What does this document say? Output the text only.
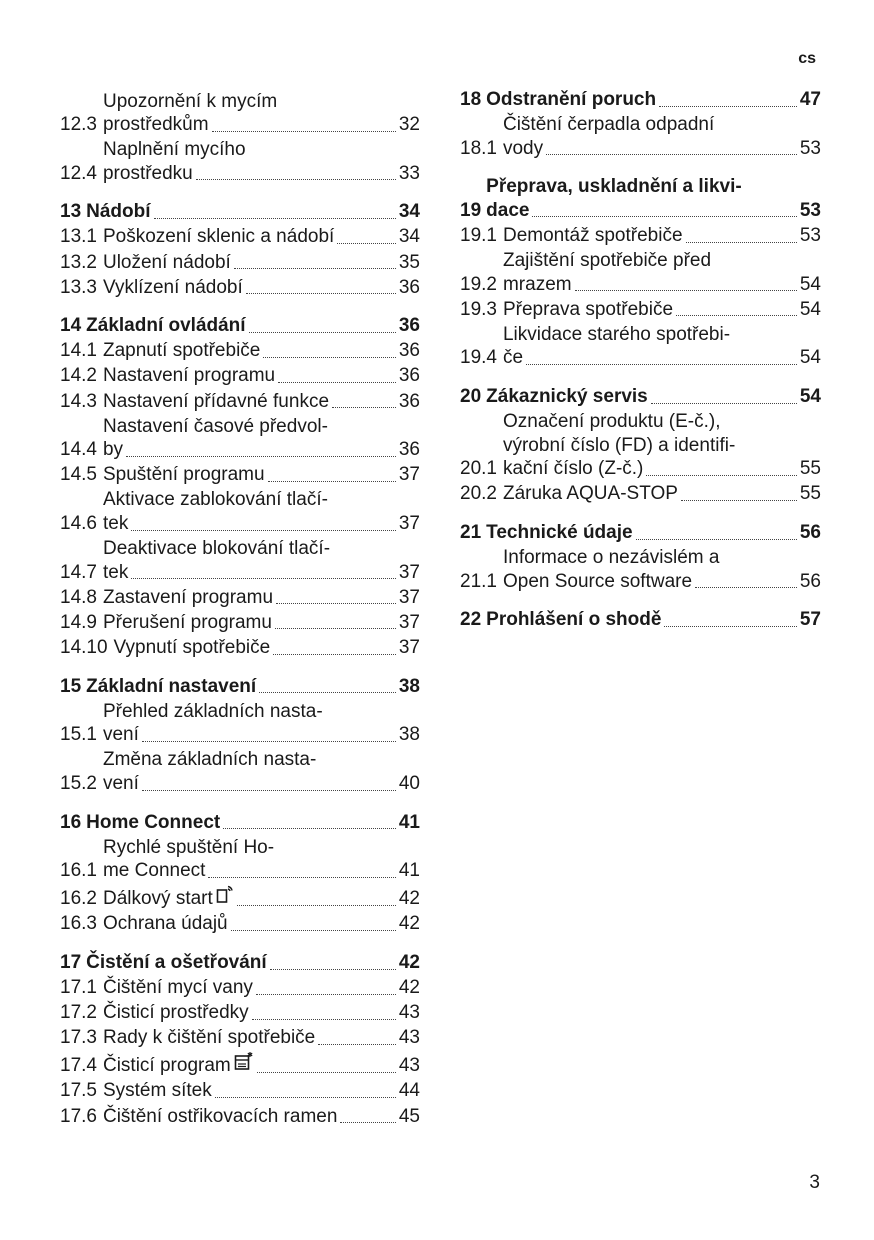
cs
12.3
Upozornění k mycím
prostředkům	32
12.4
Naplnění mycího
prostředku	33
13 Nádobí	34
13.1 Poškození sklenic a nádobí	34
13.2 Uložení nádobí	35
13.3 Vyklízení nádobí	36
14 Základní ovládání	36
14.1 Zapnutí spotřebiče	36
14.2 Nastavení programu	36
14.3 Nastavení přídavné funkce	36
14.4
Nastavení časové předvol-
by	36
14.5 Spuštění programu	37
14.6
Aktivace zablokování tlačí-
tek	37
14.7
Deaktivace blokování tlačí-
tek	37
14.8 Zastavení programu	37
14.9 Přerušení programu	37
14.10 Vypnutí spotřebiče	37
15 Základní nastavení	38
15.1
Přehled základních nasta-
vení	38
15.2
Změna základních nasta-
vení	40
16 Home Connect	41
16.1
Rychlé spuštění Ho-
me Connect	41
16.2 Dálkový start	42
16.3 Ochrana údajů	42
17 Čistění a ošetřování	42
17.1 Čištění mycí vany	42
17.2 Čisticí prostředky	43
17.3 Rady k čištění spotřebiče	43
17.4 Čisticí program	43
17.5 Systém sítek	44
17.6 Čištění ostřikovacích ramen	45
18 Odstranění poruch	47
18.1
Čištění čerpadla odpadní
vody	53
19
Přeprava, uskladnění a likvi-
dace	53
19.1 Demontáž spotřebiče	53
19.2
Zajištění spotřebiče před
mrazem	54
19.3 Přeprava spotřebiče	54
19.4
Likvidace starého spotřebi-
če	54
20 Zákaznický servis	54
20.1
Označení produktu (E-č.),
výrobní číslo (FD) a identifi-
kační číslo (Z-č.)	55
20.2 Záruka AQUA-STOP	55
21 Technické údaje	56
21.1
Informace o nezávislém a
Open Source software	56
22 Prohlášení o shodě	57
3
